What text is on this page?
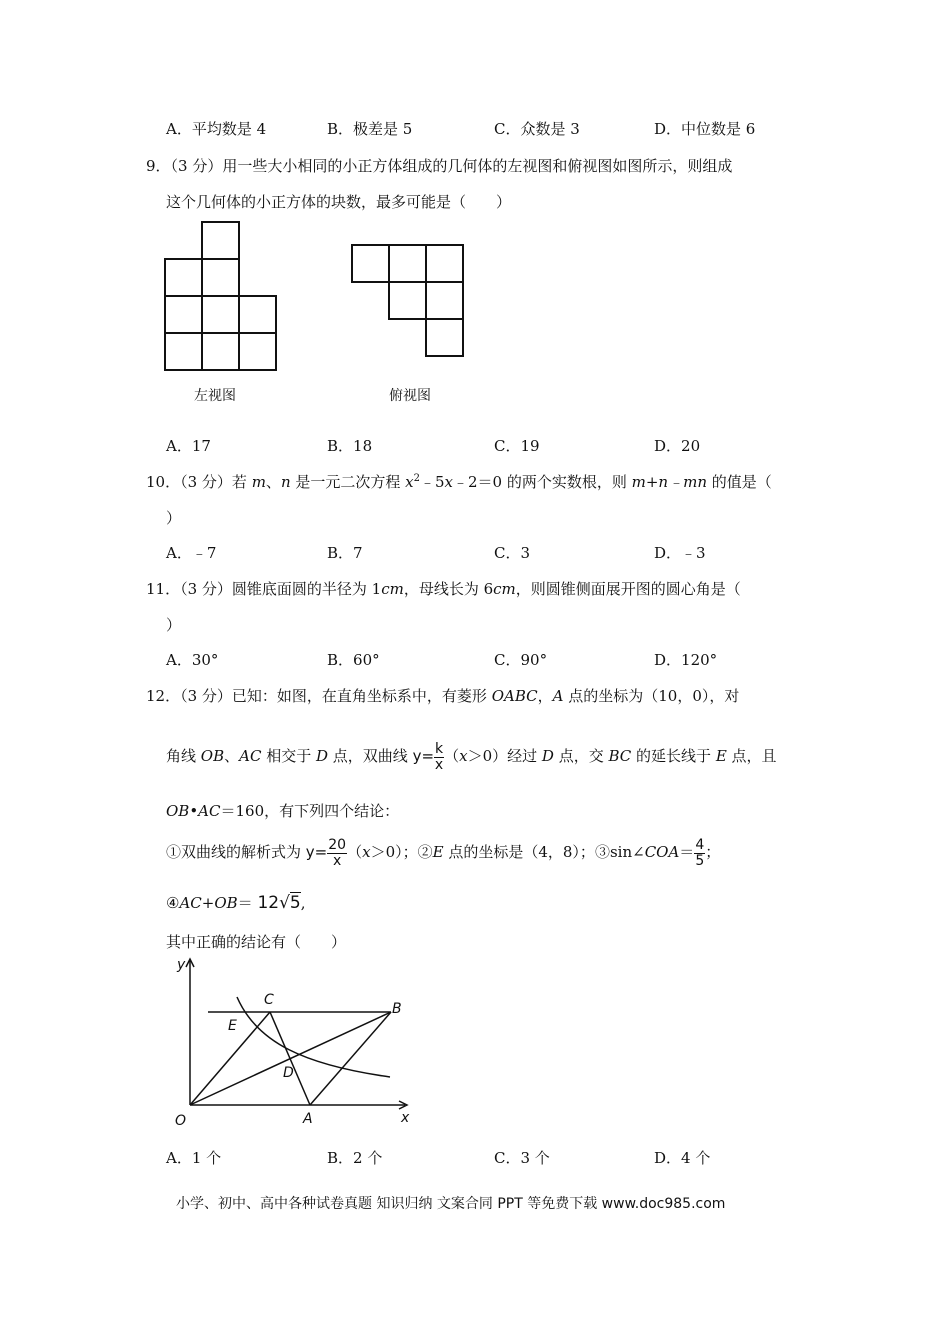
A．平均数是 4	B．极差是 5	C．众数是 3	D．中位数是 6
9．（3 分）用一些大小相同的小正方体组成的几何体的左视图和俯视图如图所示，则组成
这个几何体的小正方体的块数，最多可能是（　　）
左视图	俯视图
A．17	B．18	C．19	D．20
10．（3 分）若 m、n 是一元二次方程 $x^2﹣5x﹣2=0$ 的两个实数根，则 m+n﹣mn 的值是（
）
A．﹣7	B．7	C．3	D．﹣3
11．（3 分）圆锥底面圆的半径为 1cm，母线长为 6cm，则圆锥侧面展开图的圆心角是（
）
A．30°	B．60°	C．90°	D．120°
12．（3 分）已知：如图，在直角坐标系中，有菱形 OABC，A 点的坐标为（10，0），对
角线 OB、AC 相交于 D 点，双曲线 $y= \frac{k}{x} (x>0)$经过 D 点，交 BC 的延长线于 E 点，且
OB•AC＝160，有下列四个结论：
①双曲线的解析式为 $y= \frac{20}{x} (x>0)$；②E 点的坐标是（4，8）；③sin∠COA＝ $\frac{4}{5}$ ；
④AC+OB＝ 12√5,
其中正确的结论有（　　）
y
x
O	A
B
C
D
E
A．1 个	B．2 个	C．3 个	D．4 个
小学、初中、高中各种试卷真题 知识归纳 文案合同 PPT 等免费下载 www.doc985.com
